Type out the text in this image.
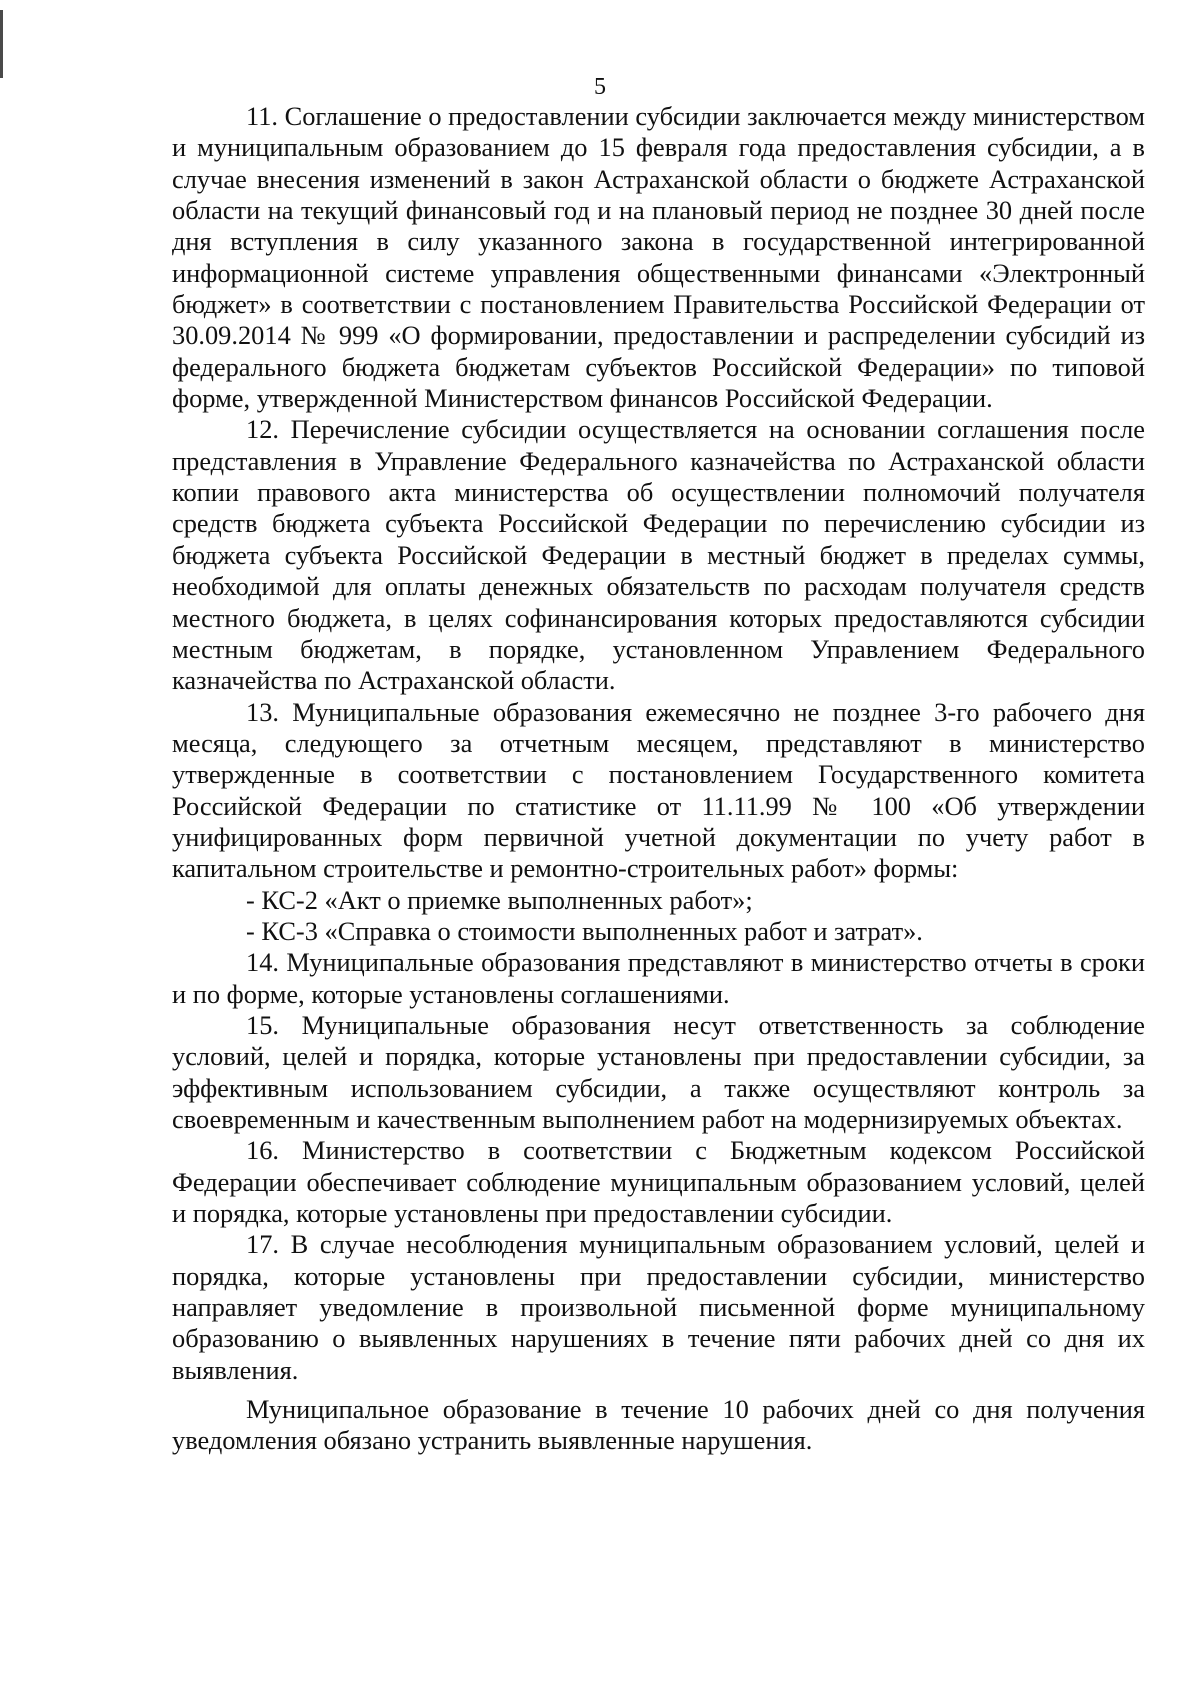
5

11. Соглашение о предоставлении субсидии заключается между министерством и муниципальным образованием до 15 февраля года предоставления субсидии, а в случае внесения изменений в закон Астраханской области о бюджете Астраханской области на текущий финансовый год и на плановый период не позднее 30 дней после дня вступления в силу указанного закона в государственной интегрированной информационной системе управления общественными финансами «Электронный бюджет» в соответствии с постановлением Правительства Российской Федерации от 30.09.2014 № 999 «О формировании, предоставлении и распределении субсидий из федерального бюджета бюджетам субъектов Российской Федерации» по типовой форме, утвержденной Министерством финансов Российской Федерации.

12. Перечисление субсидии осуществляется на основании соглашения после представления в Управление Федерального казначейства по Астраханской области копии правового акта министерства об осуществлении полномочий получателя средств бюджета субъекта Российской Федерации по перечислению субсидии из бюджета субъекта Российской Федерации в местный бюджет в пределах суммы, необходимой для оплаты денежных обязательств по расходам получателя средств местного бюджета, в целях софинансирования которых предоставляются субсидии местным бюджетам, в порядке, установленном Управлением Федерального казначейства по Астраханской области.

13. Муниципальные образования ежемесячно не позднее 3-го рабочего дня месяца, следующего за отчетным месяцем, представляют в министерство утвержденные в соответствии с постановлением Государственного комитета Российской Федерации по статистике от 11.11.99 № 100 «Об утверждении унифицированных форм первичной учетной документации по учету работ в капитальном строительстве и ремонтно-строительных работ» формы:

- КС-2 «Акт о приемке выполненных работ»;

- КС-3 «Справка о стоимости выполненных работ и затрат».

14. Муниципальные образования представляют в министерство отчеты в сроки и по форме, которые установлены соглашениями.

15. Муниципальные образования несут ответственность за соблюдение условий, целей и порядка, которые установлены при предоставлении субсидии, за эффективным использованием субсидии, а также осуществляют контроль за своевременным и качественным выполнением работ на модернизируемых объектах.

16. Министерство в соответствии с Бюджетным кодексом Российской Федерации обеспечивает соблюдение муниципальным образованием условий, целей и порядка, которые установлены при предоставлении субсидии.

17. В случае несоблюдения муниципальным образованием условий, целей и порядка, которые установлены при предоставлении субсидии, министерство направляет уведомление в произвольной письменной форме муниципальному образованию о выявленных нарушениях в течение пяти рабочих дней со дня их выявления.

Муниципальное образование в течение 10 рабочих дней со дня получения уведомления обязано устранить выявленные нарушения.
